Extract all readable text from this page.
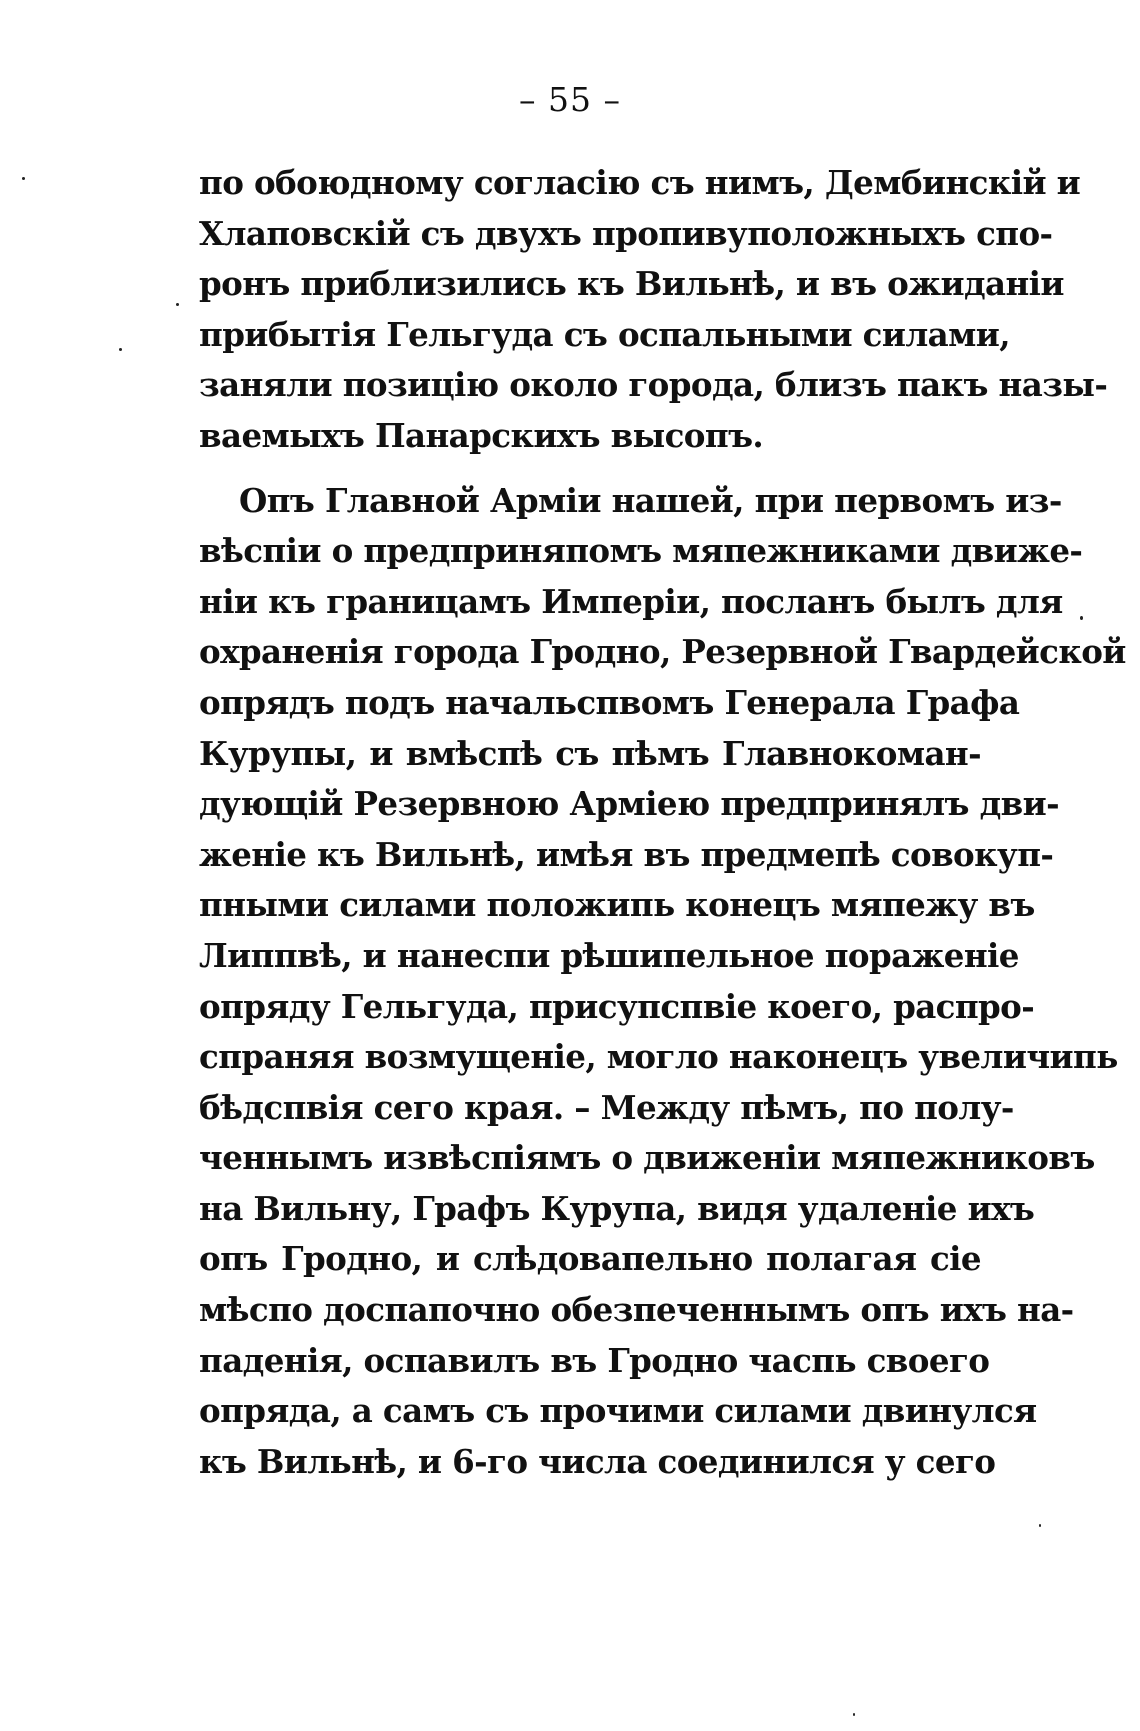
– 55 –
по обоюдному согласію съ нимъ, Дембинскій и
Хлаповскій съ двухъ пропивуположныхъ спо-
ронъ приблизились къ Вильнѣ, и въ ожиданіи
прибытія Гельгуда съ оспальными силами,
заняли позицію около города, близъ пакъ назы-
ваемыхъ Панарскихъ высопъ.
Опъ Главной Арміи нашей, при первомъ из-
вѣспіи о предприняпомъ мяпежниками движе-
ніи къ границамъ Имперіи, посланъ былъ для
охраненія города Гродно, Резервной Гвардейской
опрядъ подъ начальспвомъ Генерала Графа
Курупы, и вмѣспѣ съ пѣмъ Главнокоман-
дующій Резервною Арміею предпринялъ дви-
женіе къ Вильнѣ, имѣя въ предмепѣ совокуп-
пными силами положипь конецъ мяпежу въ
Липпвѣ, и нанеспи рѣшипельное пораженіе
опряду Гельгуда, присупспвіе коего, распро-
спраняя возмущеніе, могло наконецъ увеличипь
бѣдспвія сего края. – Между пѣмъ, по полу-
ченнымъ извѣспіямъ о движеніи мяпежниковъ
на Вильну, Графъ Курупа, видя удаленіе ихъ
опъ Гродно, и слѣдовапельно полагая сіе
мѣспо доспапочно обезпеченнымъ опъ ихъ на-
паденія, оспавилъ въ Гродно часпь своего
опряда, а самъ съ прочими силами двинулся
къ Вильнѣ, и 6-го числа соединился у сего
